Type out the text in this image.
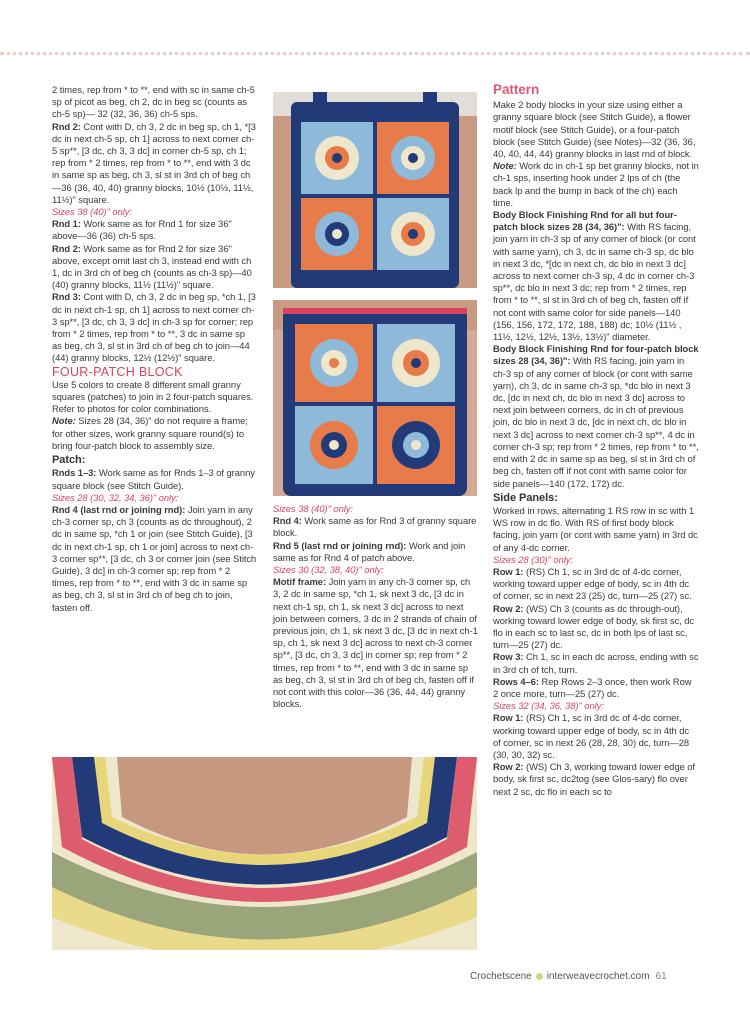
2 times, rep from * to **, end with sc in same ch-5 sp of picot as beg, ch 2, dc in beg sc (counts as ch-5 sp)— 32 (32, 36, 36) ch-5 sps.

Rnd 2: Cont with D, ch 3, 2 dc in beg sp, ch 1, *[3 dc in next ch-5 sp, ch 1] across to next corner ch-5 sp**, [3 dc, ch 3, 3 dc] in corner ch-5 sp, ch 1; rep from * 2 times, rep from * to **, end with 3 dc in same sp as beg, ch 3, sl st in 3rd ch of beg ch—36 (36, 40, 40) granny blocks, 10½ (10½, 11½, 11½)" square.

Sizes 38 (40)" only:

Rnd 1: Work same as for Rnd 1 for size 36" above—36 (36) ch-5 sps.

Rnd 2: Work same as for Rnd 2 for size 36" above, except omit last ch 3, instead end with ch 1, dc in 3rd ch of beg ch (counts as ch-3 sp)—40 (40) granny blocks, 11½ (11½)" square.

Rnd 3: Cont with D, ch 3, 2 dc in beg sp, *ch 1, [3 dc in next ch-1 sp, ch 1] across to next corner ch-3 sp**, [3 dc, ch 3, 3 dc] in ch-3 sp for corner; rep from * 2 times, rep from * to **, 3 dc in same sp as beg, ch 3, sl st in 3rd ch of beg ch to join—44 (44) granny blocks, 12½ (12½)" square.

FOUR-PATCH BLOCK

Use 5 colors to create 8 different small granny squares (patches) to join in 2 four-patch squares. Refer to photos for color combinations.

Note: Sizes 28 (34, 36)" do not require a frame; for other sizes, work granny square round(s) to bring four-patch block to assembly size.

Patch:

Rnds 1–3: Work same as for Rnds 1–3 of granny square block (see Stitch Guide).

Sizes 28 (30, 32, 34, 36)" only:

Rnd 4 (last rnd or joining rnd): Join yarn in any ch-3 corner sp, ch 3 (counts as dc throughout), 2 dc in same sp, *ch 1 or join (see Stitch Guide), [3 dc in next ch-1 sp, ch 1 or join] across to next ch-3 corner sp**, [3 dc, ch 3 or corner join (see Stitch Guide), 3 dc] in ch-3 corner sp; rep from * 2 times, rep from * to **, end with 3 dc in same sp as beg, ch 3, sl st in 3rd ch of beg ch to join, fasten off.

Sizes 38 (40)" only:

Rnd 4: Work same as for Rnd 3 of granny square block.

Rnd 5 (last rnd or joining rnd): Work and join same as for Rnd 4 of patch above.

Sizes 30 (32, 38, 40)" only:

Motif frame: Join yarn in any ch-3 corner sp, ch 3, 2 dc in same sp, *ch 1, sk next 3 dc, [3 dc in next ch-1 sp, ch 1, sk next 3 dc] across to next join between corners, 3 dc in 2 strands of chain of previous join, ch 1, sk next 3 dc, [3 dc in next ch-1 sp, ch 1, sk next 3 dc] across to next ch-3 corner sp**, [3 dc, ch 3, 3 dc] in corner sp; rep from * 2 times, rep from * to **, end with 3 dc in same sp as beg, ch 3, sl st in 3rd ch of beg ch, fasten off if not cont with this color—36 (36, 44, 44) granny blocks.

Pattern

Make 2 body blocks in your size using either a granny square block (see Stitch Guide), a flower motif block (see Stitch Guide), or a four-patch block (see Stitch Guide) (see Notes)—32 (36, 36, 40, 40, 44, 44) granny blocks in last rnd of block.

Note: Work dc in ch-1 sp bet granny blocks, not in ch-1 sps, inserting hook under 2 lps of ch (the back lp and the bump in back of the ch) each time.

Body Block Finishing Rnd for all but four-patch block sizes 28 (34, 36)": With RS facing, join yarn in ch-3 sp of any corner of block (or cont with same yarn), ch 3, dc in same ch-3 sp, dc blo in next 3 dc, *[dc in next ch, dc blo in next 3 dc] across to next corner ch-3 sp, 4 dc in corner ch-3 sp**, dc blo in next 3 dc; rep from * 2 times, rep from * to **, sl st in 3rd ch of beg ch, fasten off if not cont with same color for side panels—140 (156, 156, 172, 172, 188, 188) dc; 10½ (11½ , 11½, 12½, 12½, 13½, 13½)" diameter.

Body Block Finishing Rnd for four-patch block sizes 28 (34, 36)": With RS facing, join yarn in ch-3 sp of any corner of block (or cont with same yarn), ch 3, dc in same ch-3 sp, *dc blo in next 3 dc, [dc in next ch, dc blo in next 3 dc] across to next join between corners, dc in ch of previous join, dc blo in next 3 dc, [dc in next ch, dc blo in next 3 dc] across to next corner ch-3 sp**, 4 dc in corner ch-3 sp; rep from * 2 times, rep from * to **, end with 2 dc in same sp as beg, sl st in 3rd ch of beg ch, fasten off if not cont with same color for side panels—140 (172, 172) dc.

Side Panels:

Worked in rows, alternating 1 RS row in sc with 1 WS row in dc flo. With RS of first body block facing, join yarn (or cont with same yarn) in 3rd dc of any 4-dc corner.

Sizes 28 (30)" only:

Row 1: (RS) Ch 1, sc in 3rd dc of 4-dc corner, working toward upper edge of body, sc in 4th dc of corner, sc in next 23 (25) dc, turn—25 (27) sc.

Row 2: (WS) Ch 3 (counts as dc through-out), working toward lower edge of body, sk first sc, dc flo in each sc to last sc, dc in both lps of last sc, turn—25 (27) dc.

Row 3: Ch 1, sc in each dc across, ending with sc in 3rd ch of tch, turn.

Rows 4–6: Rep Rows 2–3 once, then work Row 2 once more, turn—25 (27) dc.

Sizes 32 (34, 36, 38)" only:

Row 1: (RS) Ch 1, sc in 3rd dc of 4-dc corner, working toward upper edge of body, sc in 4th dc of corner, sc in next 26 (28, 28, 30) dc, turn—28 (30, 30, 32) sc.

Row 2: (WS) Ch 3, working toward lower edge of body, sk first sc, dc2tog (see Glos-sary) flo over next 2 sc, dc flo in each sc to

Crochetscene interweavecrochet.com 61
